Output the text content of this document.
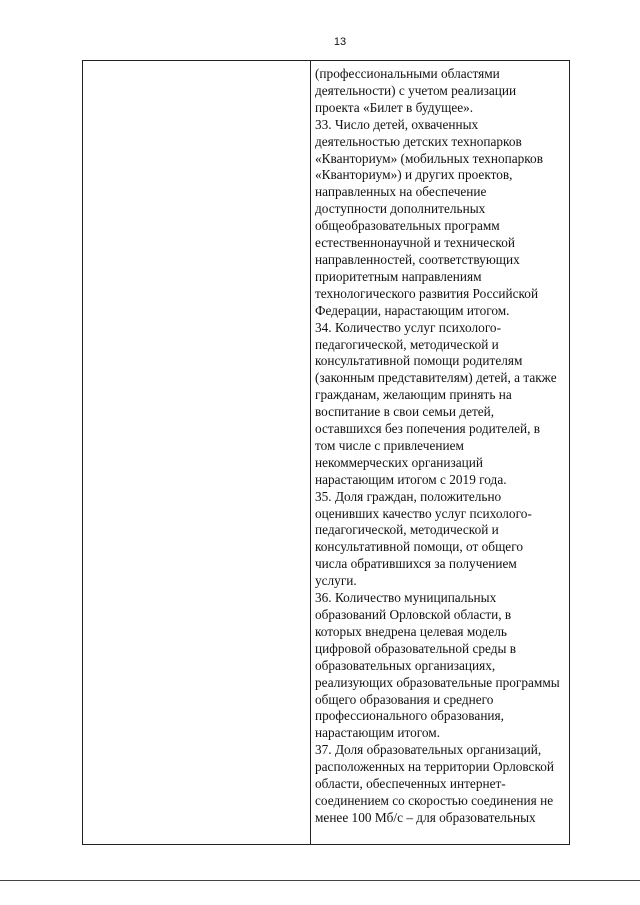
13

(профессиональными областями

деятельности) с учетом реализации

проекта «Билет в будущее».

33. Число детей, охваченных

деятельностью детских технопарков

«Кванториум» (мобильных технопарков

«Кванториум») и других проектов,

направленных на обеспечение

доступности дополнительных

общеобразовательных программ

естественнонаучной и технической

направленностей, соответствующих

приоритетным направлениям

технологического развития Российской

Федерации, нарастающим итогом.

34. Количество услуг психолого-

педагогической, методической и

консультативной помощи родителям

(законным представителям) детей, а также

гражданам, желающим принять на

воспитание в свои семьи детей,

оставшихся без попечения родителей, в

том числе с привлечением

некоммерческих организаций

нарастающим итогом с 2019 года.

35. Доля граждан, положительно

оценивших качество услуг психолого-

педагогической, методической и

консультативной помощи, от общего

числа обратившихся за получением

услуги.

36. Количество муниципальных

образований Орловской области, в

которых внедрена целевая модель

цифровой образовательной среды в

образовательных организациях,

реализующих образовательные программы

общего образования и среднего

профессионального образования,

нарастающим итогом.

37. Доля образовательных организаций,

расположенных на территории Орловской

области, обеспеченных интернет-

соединением со скоростью соединения не

менее 100 Мб/с – для образовательных
